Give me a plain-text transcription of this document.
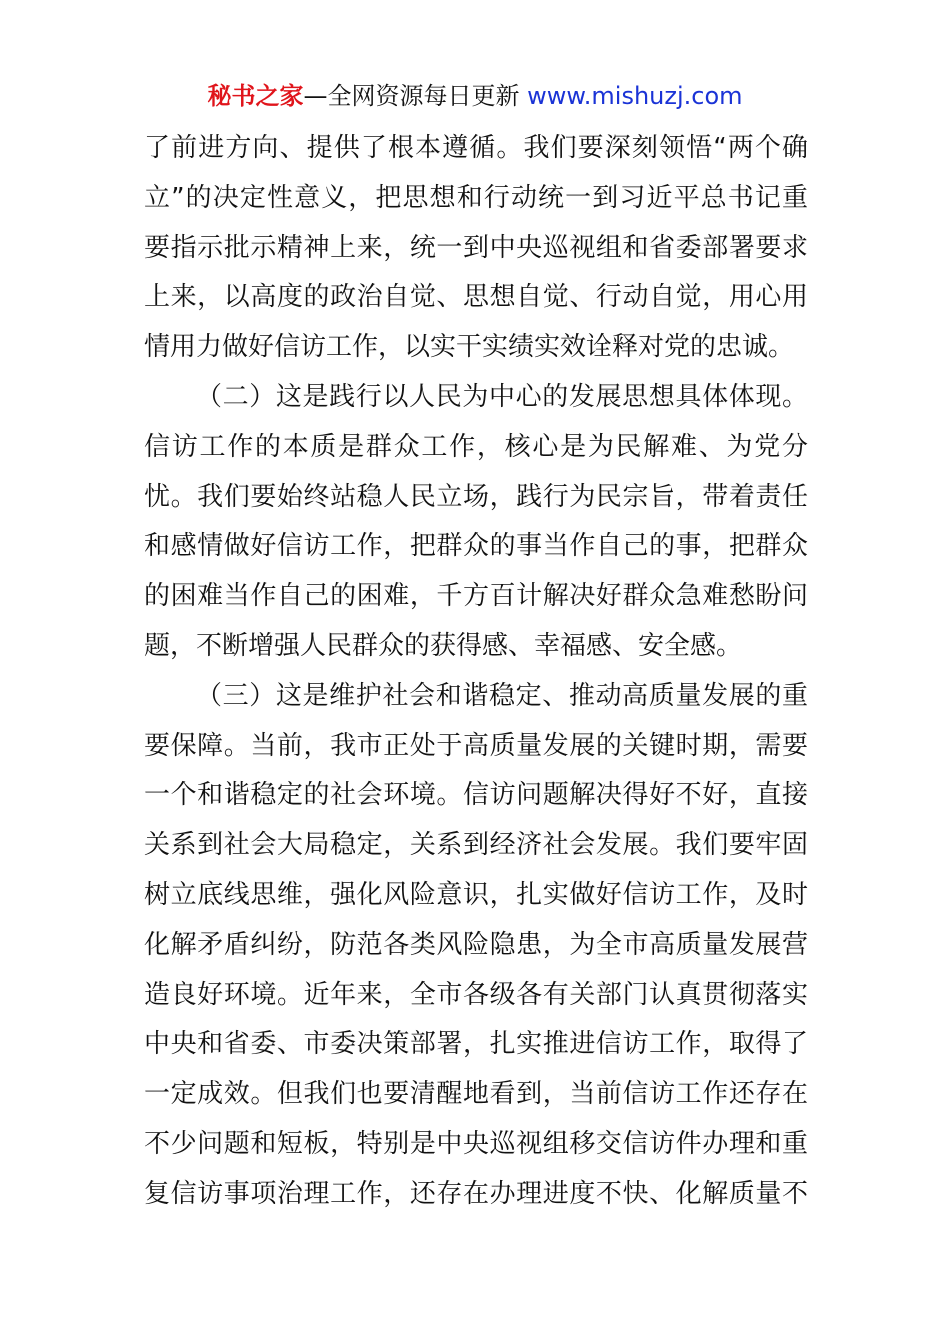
秘书之家—全网资源每日更新 www.mishuzj.com
了前进方向、提供了根本遵循。我们要深刻领悟“两个确
立”的决定性意义，把思想和行动统一到习近平总书记重
要指示批示精神上来，统一到中央巡视组和省委部署要求
上来，以高度的政治自觉、思想自觉、行动自觉，用心用
情用力做好信访工作，以实干实绩实效诠释对党的忠诚。
（二）这是践行以人民为中心的发展思想具体体现。
信访工作的本质是群众工作，核心是为民解难、为党分
忧。我们要始终站稳人民立场，践行为民宗旨，带着责任
和感情做好信访工作，把群众的事当作自己的事，把群众
的困难当作自己的困难，千方百计解决好群众急难愁盼问
题，不断增强人民群众的获得感、幸福感、安全感。
（三）这是维护社会和谐稳定、推动高质量发展的重
要保障。当前，我市正处于高质量发展的关键时期，需要
一个和谐稳定的社会环境。信访问题解决得好不好，直接
关系到社会大局稳定，关系到经济社会发展。我们要牢固
树立底线思维，强化风险意识，扎实做好信访工作，及时
化解矛盾纠纷，防范各类风险隐患，为全市高质量发展营
造良好环境。近年来，全市各级各有关部门认真贯彻落实
中央和省委、市委决策部署，扎实推进信访工作，取得了
一定成效。但我们也要清醒地看到，当前信访工作还存在
不少问题和短板，特别是中央巡视组移交信访件办理和重
复信访事项治理工作，还存在办理进度不快、化解质量不
